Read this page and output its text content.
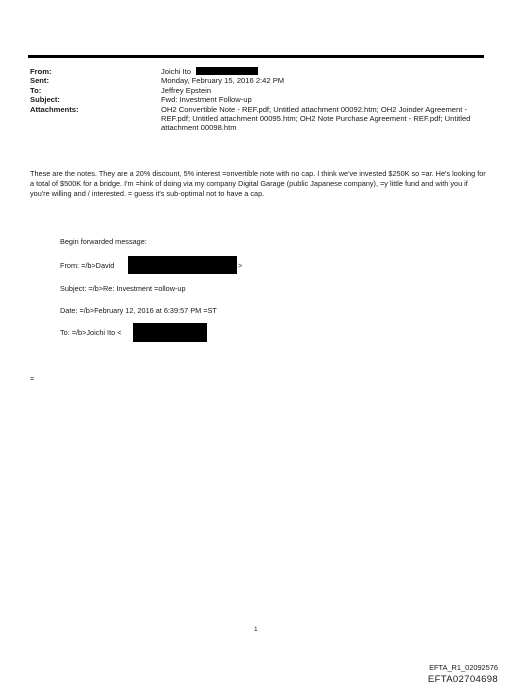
From:	Joichi Ito
Sent:	Monday, February 15, 2016 2:42 PM
To:	Jeffrey Epstein
Subject:	Fwd: Investment Follow-up
Attachments:	OH2 Convertible Note - REF.pdf; Untitled attachment 00092.htm; OH2 Joinder Agreement - REF.pdf; Untitled attachment 00095.htm; OH2 Note Purchase Agreement - REF.pdf; Untitled attachment 00098.htm
These are the notes. They are a 20% discount, 5% interest =onvertible note with no cap. I think we've invested $250K so =ar. He's looking for a total of $500K for a bridge. I'm =hink of doing via my company Digital Garage (public Japanese company), =y little fund and with you if you're willing and / interested. = guess it's sub-optimal not to have a cap.
Begin forwarded message:
From: =/b>David	>
Subject: =/b>Re: Investment =ollow-up
Date: =/b>February 12, 2016 at 6:39:57 PM =ST
To: =/b>Joichi Ito <
=
1
EFTA_R1_02092576
EFTA02704698
